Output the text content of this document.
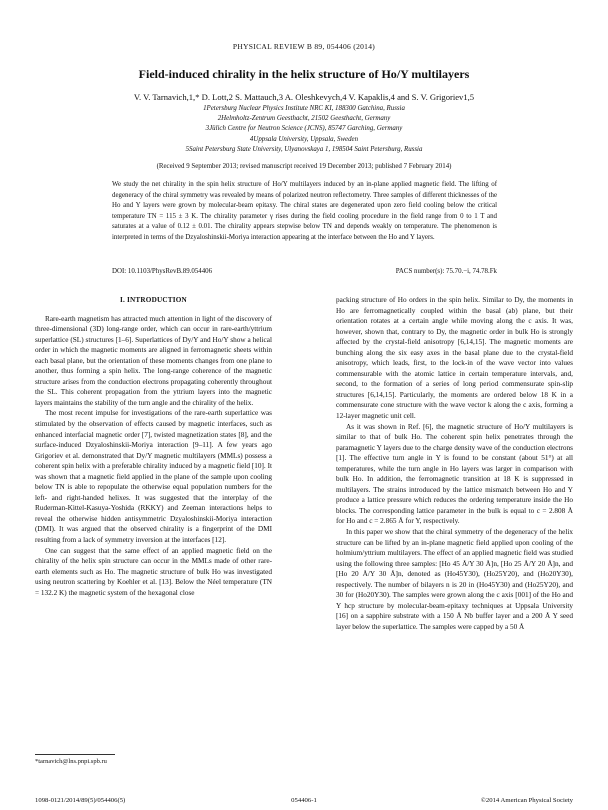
PHYSICAL REVIEW B 89, 054406 (2014)
Field-induced chirality in the helix structure of Ho/Y multilayers
V. V. Tarnavich,1,* D. Lott,2 S. Mattauch,3 A. Oleshkevych,4 V. Kapaklis,4 and S. V. Grigoriev1,5
1Petersburg Nuclear Physics Institute NRC KI, 188300 Gatchina, Russia
2Helmholtz-Zentrum Geesthacht, 21502 Geesthacht, Germany
3Jülich Centre for Neutron Science (JCNS), 85747 Garching, Germany
4Uppsala University, Uppsala, Sweden
5Saint Petersburg State University, Ulyanovskaya 1, 198504 Saint Petersburg, Russia
(Received 9 September 2013; revised manuscript received 19 December 2013; published 7 February 2014)
We study the net chirality in the spin helix structure of Ho/Y multilayers induced by an in-plane applied magnetic field. The lifting of degeneracy of the chiral symmetry was revealed by means of polarized neutron reflectometry. Three samples of different thicknesses of the Ho and Y layers were grown by molecular-beam epitaxy. The chiral states are degenerated upon zero field cooling below the critical temperature TN = 115 ± 3 K. The chirality parameter γ rises during the field cooling procedure in the field range from 0 to 1 T and saturates at a value of 0.12 ± 0.01. The chirality appears stepwise below TN and depends weakly on temperature. The phenomenon is interpreted in terms of the Dzyaloshinskii-Moriya interaction appearing at the interface between the Ho and Y layers.
DOI: 10.1103/PhysRevB.89.054406	PACS number(s): 75.70.−i, 74.78.Fk
I. INTRODUCTION

Rare-earth magnetism has attracted much attention in light of the discovery of three-dimensional (3D) long-range order, which can occur in rare-earth/yttrium superlattice (SL) structures [1–6]. Superlattices of Dy/Y and Ho/Y show a helical order in which the magnetic moments are aligned in ferromagnetic sheets within each basal plane, but the orientation of these moments changes from one plane to another, thus forming a spin helix. The long-range coherence of the magnetic structure arises from the conduction electrons propagating coherently throughout the SL. This coherent propagation from the yttrium layers into the magnetic layers maintains the stability of the turn angle and the chirality of the helix.

The most recent impulse for investigations of the rare-earth superlattice was stimulated by the observation of effects caused by magnetic interfaces, such as enhanced interfacial magnetic order [7], twisted magnetization states [8], and the surface-induced Dzyaloshinskii-Moriya interaction [9–11]. A few years ago Grigoriev et al. demonstrated that Dy/Y magnetic multilayers (MMLs) possess a coherent spin helix with a preferable chirality induced by a magnetic field [10]. It was shown that a magnetic field applied in the plane of the sample upon cooling below TN is able to repopulate the otherwise equal population numbers for the left- and right-handed helixes. It was suggested that the interplay of the Ruderman-Kittel-Kasuya-Yoshida (RKKY) and Zeeman interactions helps to reveal the otherwise hidden antisymmetric Dzyaloshinskii-Moriya interaction (DMI). It was argued that the observed chirality is a fingerprint of the DMI resulting from a lack of symmetry inversion at the interfaces [12].

One can suggest that the same effect of an applied magnetic field on the chirality of the helix spin structure can occur in the MMLs made of other rare-earth elements such as Ho. The magnetic structure of bulk Ho was investigated using neutron scattering by Koehler et al. [13]. Below the Néel temperature (TN = 132.2 K) the magnetic system of the hexagonal close

packing structure of Ho orders in the spin helix. Similar to Dy, the moments in Ho are ferromagnetically coupled within the basal (ab) plane, but their orientation rotates at a certain angle while moving along the c axis. It was, however, shown that, contrary to Dy, the magnetic order in bulk Ho is strongly affected by the crystal-field anisotropy [6,14,15]. The magnetic moments are bunching along the six easy axes in the basal plane due to the crystal-field anisotropy, which leads, first, to the lock-in of the wave vector into values commensurable with the atomic lattice in certain temperature intervals, and, second, to the formation of a series of long period commensurate spin-slip structures [6,14,15]. Particularly, the moments are ordered below 18 K in a commensurate cone structure with the wave vector k along the c axis, forming a 12-layer magnetic unit cell.

As it was shown in Ref. [6], the magnetic structure of Ho/Y multilayers is similar to that of bulk Ho. The coherent spin helix penetrates through the paramagnetic Y layers due to the charge density wave of the conduction electrons [1]. The effective turn angle in Y is found to be constant (about 51°) at all temperatures, while the turn angle in Ho layers was larger in comparison with bulk Ho. In addition, the ferromagnetic transition at 18 K is suppressed in multilayers. The strains introduced by the lattice mismatch between Ho and Y produce a lattice pressure which reduces the ordering temperature inside the Ho blocks. The corresponding lattice parameter in the bulk is equal to c = 2.808 Å for Ho and c = 2.865 Å for Y, respectively.

In this paper we show that the chiral symmetry of the degeneracy of the helix structure can be lifted by an in-plane magnetic field applied upon cooling of the holmium/yttrium multilayers. The effect of an applied magnetic field was studied using the following three samples: [Ho 45 Å/Y 30 Å]n, [Ho 25 Å/Y 20 Å]n, and [Ho 20 Å/Y 30 Å]n, denoted as (Ho45Y30), (Ho25Y20), and (Ho20Y30), respectively. The number of bilayers n is 20 in (Ho45Y30) and (Ho25Y20), and 30 for (Ho20Y30). The samples were grown along the c axis [001] of the Ho and Y hcp structure by molecular-beam-epitaxy techniques at Uppsala University [16] on a sapphire substrate with a 150 Å Nb buffer layer and a 200 Å Y seed layer below the superlattice. The samples were capped by a 50 Å

*tarnavich@lns.pnpi.spb.ru
1098-0121/2014/89(5)/054406(5)	054406-1	©2014 American Physical Society
